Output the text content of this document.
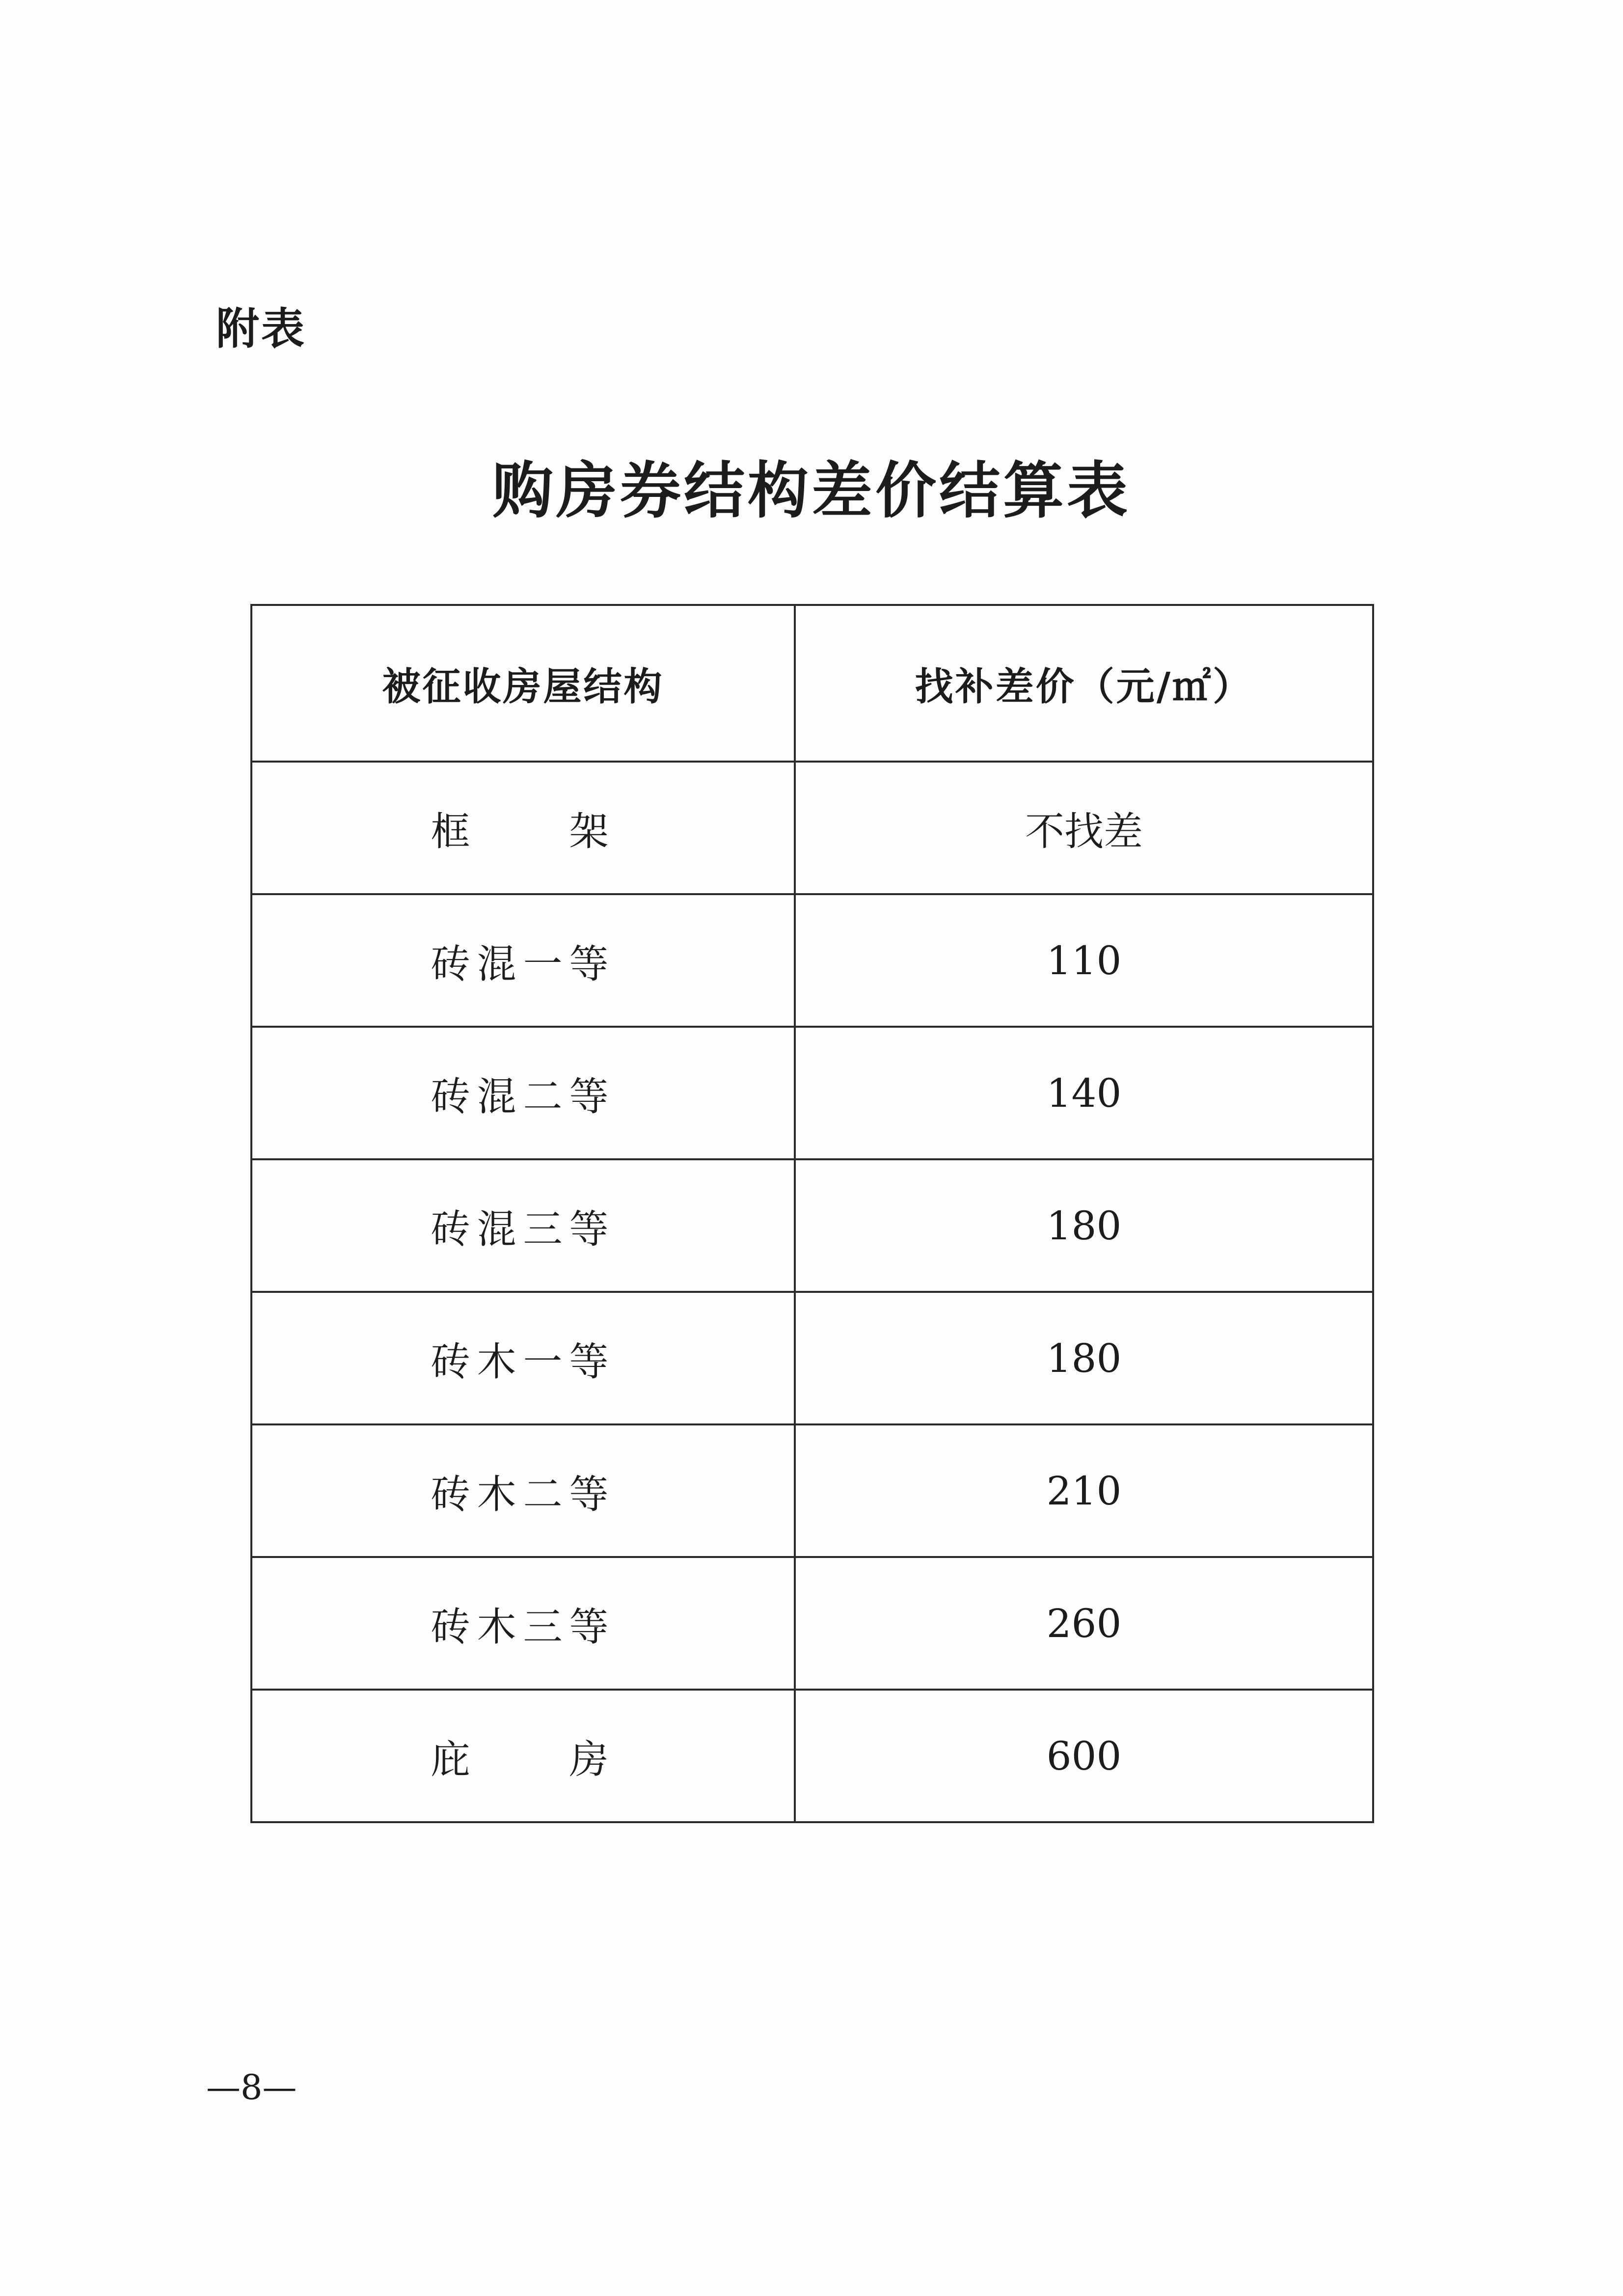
附表
购房券结构差价结算表
被征收房屋结构	找补差价（元/㎡）
框　　架	不找差
砖混一等	110
砖混二等	140
砖混三等	180
砖木一等	180
砖木二等	210
砖木三等	260
庇　　房	600
—8—
